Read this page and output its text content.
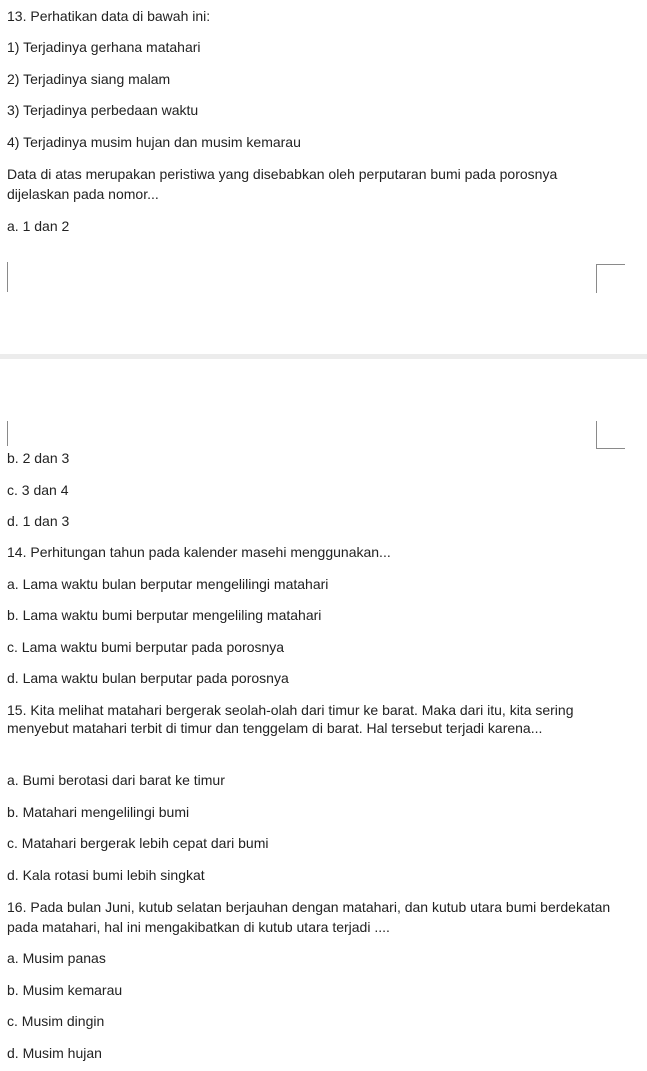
13. Perhatikan data di bawah ini:
1) Terjadinya gerhana matahari
2) Terjadinya siang malam
3) Terjadinya perbedaan waktu
4) Terjadinya musim hujan dan musim kemarau
Data di atas merupakan peristiwa yang disebabkan oleh perputaran bumi pada porosnya dijelaskan pada nomor...
a. 1 dan 2
b. 2 dan 3
c. 3 dan 4
d. 1 dan 3
14. Perhitungan tahun pada kalender masehi menggunakan...
a. Lama waktu bulan berputar mengelilingi matahari
b. Lama waktu bumi berputar mengeliling matahari
c. Lama waktu bumi berputar pada porosnya
d. Lama waktu bulan berputar pada porosnya
15. Kita melihat matahari bergerak seolah-olah dari timur ke barat. Maka dari itu, kita sering menyebut matahari terbit di timur dan tenggelam di barat. Hal tersebut terjadi karena...
a. Bumi berotasi dari barat ke timur
b. Matahari mengelilingi bumi
c. Matahari bergerak lebih cepat dari bumi
d. Kala rotasi bumi lebih singkat
16. Pada bulan Juni, kutub selatan berjauhan dengan matahari, dan kutub utara bumi berdekatan pada matahari, hal ini mengakibatkan di kutub utara terjadi ....
a. Musim panas
b. Musim kemarau
c. Musim dingin
d. Musim hujan
